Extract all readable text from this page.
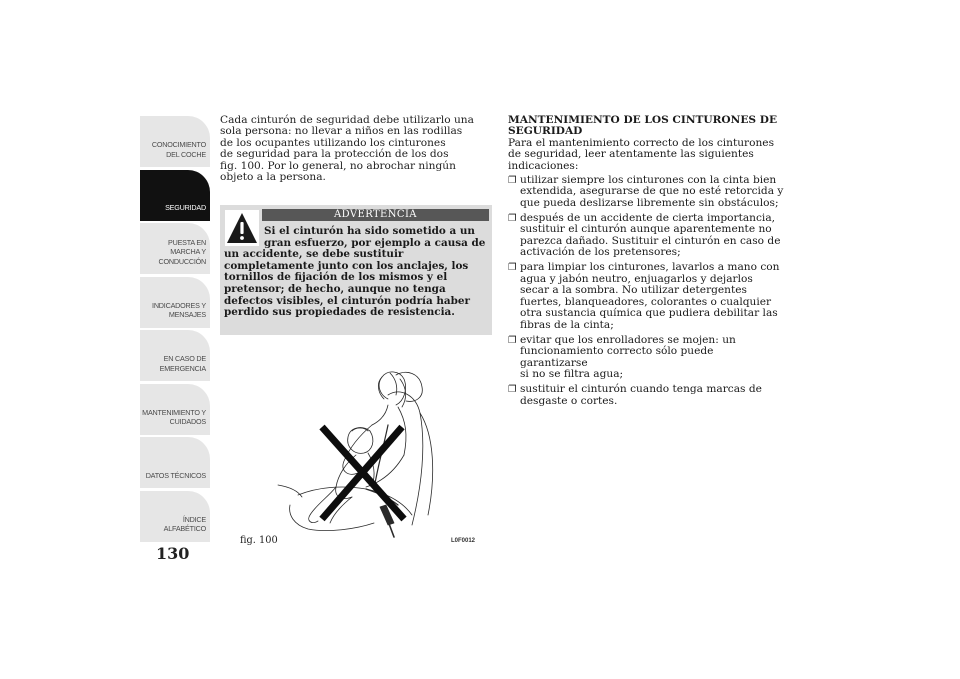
CONOCIMIENTO
DEL COCHE
SEGURIDAD
PUESTA EN
MARCHA Y
CONDUCCIÓN
INDICADORES Y
MENSAJES
EN CASO DE
EMERGENCIA
MANTENIMIENTO Y
CUIDADOS
DATOS TÉCNICOS
ÍNDICE
ALFABÉTICO
130

Cada cinturón de seguridad debe utilizarlo una
sola persona: no llevar a niños en las rodillas
de los ocupantes utilizando los cinturones
de seguridad para la protección de los dos
fig. 100. Por lo general, no abrochar ningún
objeto a la persona.

ADVERTENCIA

Si el cinturón ha sido sometido a un
gran esfuerzo, por ejemplo a causa de
un accidente, se debe sustituir
completamente junto con los anclajes, los
tornillos de fijación de los mismos y el
pretensor; de hecho, aunque no tenga
defectos visibles, el cinturón podría haber
perdido sus propiedades de resistencia.

fig. 100	L0F0012
MANTENIMIENTO DE LOS CINTURONES DE
SEGURIDAD

Para el mantenimiento correcto de los cinturones
de seguridad, leer atentamente las siguientes
indicaciones:

❐ utilizar siempre los cinturones con la cinta bien
extendida, asegurarse de que no esté retorcida y
que pueda deslizarse libremente sin obstáculos;
❐ después de un accidente de cierta importancia,
sustituir el cinturón aunque aparentemente no
parezca dañado. Sustituir el cinturón en caso de
activación de los pretensores;
❐ para limpiar los cinturones, lavarlos a mano con
agua y jabón neutro, enjuagarlos y dejarlos
secar a la sombra. No utilizar detergentes
fuertes, blanqueadores, colorantes o cualquier
otra sustancia química que pudiera debilitar las
fibras de la cinta;
❐ evitar que los enrolladores se mojen: un
funcionamiento correcto sólo puede garantizarse
si no se filtra agua;
❐ sustituir el cinturón cuando tenga marcas de
desgaste o cortes.
